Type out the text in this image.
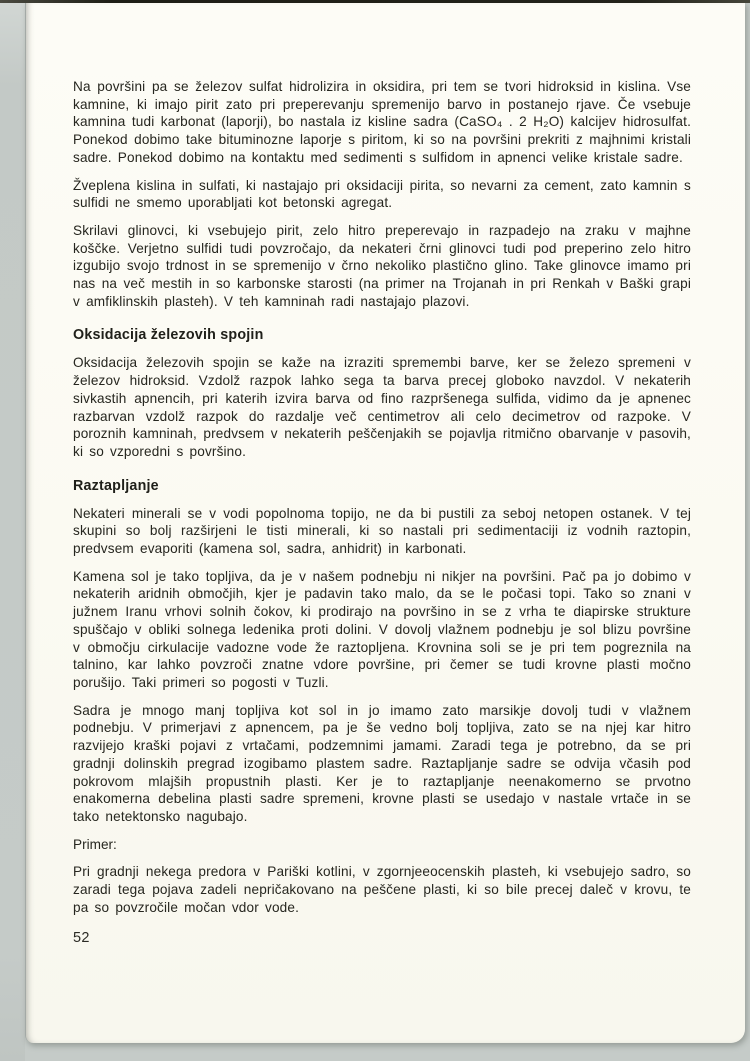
Na površini pa se železov sulfat hidrolizira in oksidira, pri tem se tvori hidroksid in kislina. Vse kamnine, ki imajo pirit zato pri preperevanju spremenijo barvo in postanejo rjave. Če vsebuje kamnina tudi karbonat (laporji), bo nastala iz kisline sadra (CaSO₄ . 2 H₂O) kalcijev hidrosulfat. Ponekod dobimo take bituminozne laporje s piritom, ki so na površini prekriti z majhnimi kristali sadre. Ponekod dobimo na kontaktu med sedimenti s sulfidom in apnenci velike kristale sadre.

Žveplena kislina in sulfati, ki nastajajo pri oksidaciji pirita, so nevarni za cement, zato kamnin s sulfidi ne smemo uporabljati kot betonski agregat.

Skrilavi glinovci, ki vsebujejo pirit, zelo hitro preperevajo in razpadejo na zraku v majhne koščke. Verjetno sulfidi tudi povzročajo, da nekateri črni glinovci tudi pod preperino zelo hitro izgubijo svojo trdnost in se spremenijo v črno nekoliko plastično glino. Take glinovce imamo pri nas na več mestih in so karbonske starosti (na primer na Trojanah in pri Renkah v Baški grapi v amfiklinskih plasteh). V teh kamninah radi nastajajo plazovi.

Oksidacija železovih spojin

Oksidacija železovih spojin se kaže na izraziti spremembi barve, ker se železo spremeni v železov hidroksid. Vzdolž razpok lahko sega ta barva precej globoko navzdol. V nekaterih sivkastih apnencih, pri katerih izvira barva od fino razpršenega sulfida, vidimo da je apnenec razbarvan vzdolž razpok do razdalje več centimetrov ali celo decimetrov od razpoke. V poroznih kamninah, predvsem v nekaterih peščenjakih se pojavlja ritmično obarvanje v pasovih, ki so vzporedni s površino.

Raztapljanje

Nekateri minerali se v vodi popolnoma topijo, ne da bi pustili za seboj netopen ostanek. V tej skupini so bolj razširjeni le tisti minerali, ki so nastali pri sedimentaciji iz vodnih raztopin, predvsem evaporiti (kamena sol, sadra, anhidrit) in karbonati.

Kamena sol je tako topljiva, da je v našem podnebju ni nikjer na površini. Pač pa jo dobimo v nekaterih aridnih območjih, kjer je padavin tako malo, da se le počasi topi. Tako so znani v južnem Iranu vrhovi solnih čokov, ki prodirajo na površino in se z vrha te diapirske strukture spuščajo v obliki solnega ledenika proti dolini. V dovolj vlažnem podnebju je sol blizu površine v območju cirkulacije vadozne vode že raztopljena. Krovnina soli se je pri tem pogreznila na talnino, kar lahko povzroči znatne vdore površine, pri čemer se tudi krovne plasti močno porušijo. Taki primeri so pogosti v Tuzli.

Sadra je mnogo manj topljiva kot sol in jo imamo zato marsikje dovolj tudi v vlažnem podnebju. V primerjavi z apnencem, pa je še vedno bolj topljiva, zato se na njej kar hitro razvijejo kraški pojavi z vrtačami, podzemnimi jamami. Zaradi tega je potrebno, da se pri gradnji dolinskih pregrad izogibamo plastem sadre. Raztapljanje sadre se odvija včasih pod pokrovom mlajših propustnih plasti. Ker je to raztapljanje neenakomerno se prvotno enakomerna debelina plasti sadre spremeni, krovne plasti se usedajo v nastale vrtače in se tako netektonsko nagubajo.

Primer:

Pri gradnji nekega predora v Pariški kotlini, v zgornjeeocenskih plasteh, ki vsebujejo sadro, so zaradi tega pojava zadeli nepričakovano na peščene plasti, ki so bile precej daleč v krovu, te pa so povzročile močan vdor vode.

52
